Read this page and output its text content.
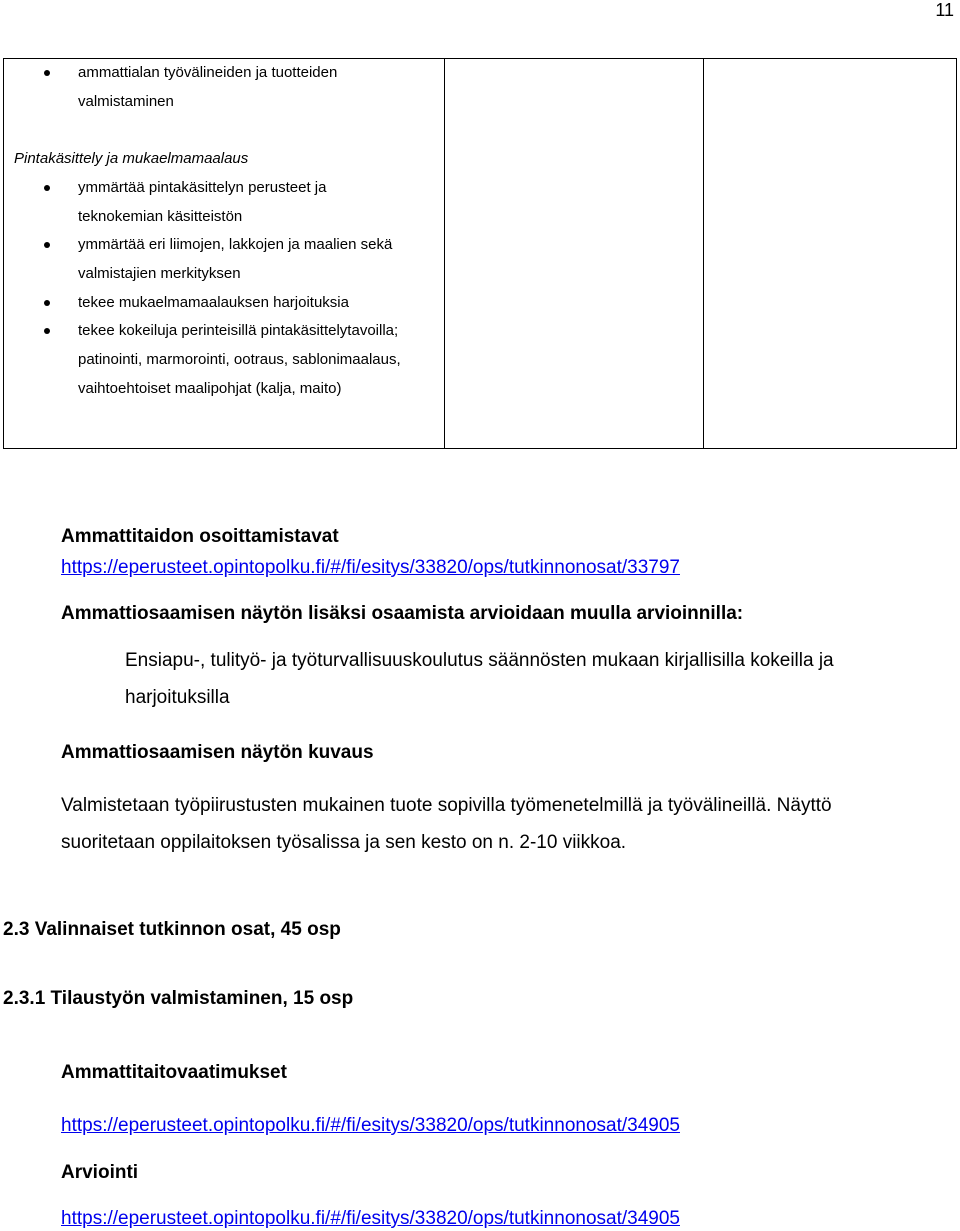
11
ammattialan työvälineiden ja tuotteiden
valmistaminen
Pintakäsittely ja mukaelmamaalaus
ymmärtää pintakäsittelyn perusteet ja
teknokemian käsitteistön
ymmärtää eri liimojen, lakkojen ja maalien sekä
valmistajien merkityksen
tekee mukaelmamaalauksen harjoituksia
tekee kokeiluja perinteisillä pintakäsittelytavoilla;
patinointi, marmorointi, ootraus, sablonimaalaus,
vaihtoehtoiset maalipohjat (kalja, maito)
Ammattitaidon osoittamistavat
https://eperusteet.opintopolku.fi/#/fi/esitys/33820/ops/tutkinnonosat/33797
Ammattiosaamisen näytön lisäksi osaamista arvioidaan muulla arvioinnilla:
Ensiapu-, tulityö- ja työturvallisuuskoulutus säännösten mukaan kirjallisilla kokeilla ja
harjoituksilla
Ammattiosaamisen näytön kuvaus
Valmistetaan työpiirustusten mukainen tuote sopivilla työmenetelmillä ja työvälineillä. Näyttö
suoritetaan oppilaitoksen työsalissa ja sen kesto on n. 2-10 viikkoa.
2.3 Valinnaiset tutkinnon osat, 45 osp
2.3.1 Tilaustyön valmistaminen, 15 osp
Ammattitaitovaatimukset
https://eperusteet.opintopolku.fi/#/fi/esitys/33820/ops/tutkinnonosat/34905
Arviointi
https://eperusteet.opintopolku.fi/#/fi/esitys/33820/ops/tutkinnonosat/34905
